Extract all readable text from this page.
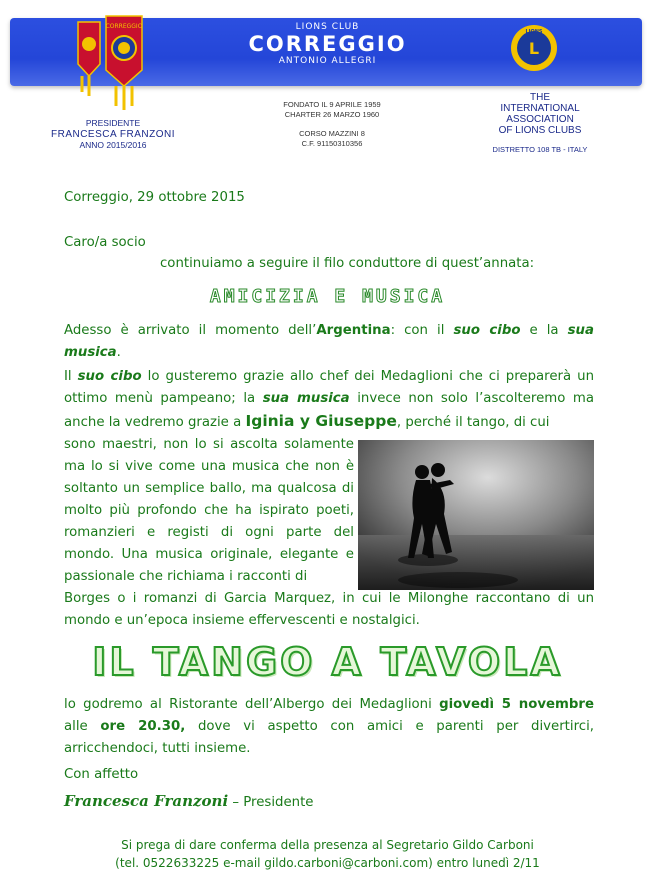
CORREGGIO	LIONS CLUB
CORREGGIO
ANTONIO ALLEGRI
L
LIONS
PRESIDENTE
FRANCESCA FRANZONI
ANNO 2015/2016
FONDATO IL 9 APRILE 1959
CHARTER 26 MARZO 1960
CORSO MAZZINI 8
C.F. 91150310356
THE
INTERNATIONAL
ASSOCIATION
OF LIONS CLUBS
DISTRETTO 108 TB - ITALY
Correggio, 29 ottobre 2015
Caro/a socio
continuiamo a seguire il filo conduttore di quest’annata:
AMICIZIA E MUSICA
Adesso è arrivato il momento dell’Argentina: con il suo cibo e la sua musica.
Il suo cibo lo gusteremo grazie allo chef dei Medaglioni che ci preparerà un ottimo menù pampeano; la sua musica invece non solo l’ascolteremo ma anche la vedremo grazie a Iginia y Giuseppe, perché il tango, di cui
sono maestri, non lo si ascolta solamente ma lo si vive come una musica che non è soltanto un semplice ballo, ma qualcosa di molto più profondo che ha ispirato poeti, romanzieri e registi di ogni parte del mondo. Una musica originale, elegante e passionale che richiama i racconti di
Borges o i romanzi di Garcia Marquez, in cui le Milonghe raccontano di un mondo e un’epoca insieme effervescenti e nostalgici.
IL TANGO A TAVOLA
lo godremo al Ristorante dell’Albergo dei Medaglioni giovedì 5 novembre alle ore 20.30, dove vi aspetto con amici e parenti per divertirci, arricchendoci, tutti insieme.
Con affetto
Francesca Franzoni – Presidente
Si prega di dare conferma della presenza al Segretario Gildo Carboni
(tel. 0522633225 e-mail gildo.carboni@carboni.com) entro lunedì 2/11
